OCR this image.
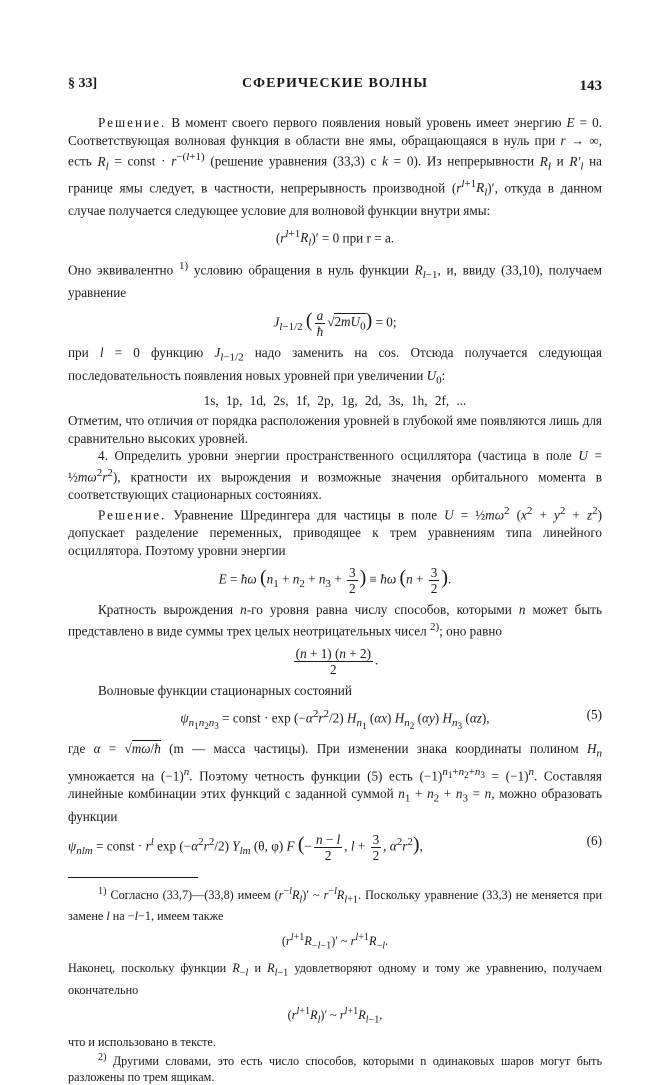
§ 33]	СФЕРИЧЕСКИЕ ВОЛНЫ	143

Решение. В момент своего первого появления новый уровень имеет энергию E = 0. Соответствующая волновая функция в области вне ямы, обращающаяся в нуль при r → ∞, есть $R_l$ = const · $r^{-(l+1)}$ (решение уравнения (33,3) с k = 0). Из непрерывности $R_l$ и $R'_l$ на границе ямы следует, в частности, непрерывность производной $(r^{l+1}R_l)'$, откуда в данном случае получается следующее условие для волновой функции внутри ямы:

$(r^{l+1}R_l)' = 0$ при r = a.

Оно эквивалентно $^{1)}$ условию обращения в нуль функции $R_{l-1}$, и, ввиду (33,10), получаем уравнение

$J_{l-1/2}$ ( $\frac{a}{ħ} √2mU_0) = 0$;

при l = 0 функцию $J_{l-1/2}$ надо заменить на cos. Отсюда получается следующая последовательность появления новых уровней при увеличении $U_0$:

1s, 1p, 1d, 2s, 1f, 2p, 1g, 2d, 3s, 1h, 2f, ...

Отметим, что отличия от порядка расположения уровней в глубокой яме появляются лишь для сравнительно высоких уровней.

4. Определить уровни энергии пространственного осциллятора (частица в поле $U = \frac{1}{2}m\omega^2r^2$), кратности их вырождения и возможные значения орбитального момента в соответствующих стационарных состояниях.

Решение. Уравнение Шредингера для частицы в поле $U = \frac{1}{2}m\omega^2$ $(x^2 + y^2 + z^2)$ допускает разделение переменных, приводящее к трем уравнениям типа линейного осциллятора. Поэтому уровни энергии

E = ħω ($n_1 + n_2 + n_3 + \frac{3}{2}$ ) ≡ ħω ($n + \frac{3}{2}$ ).

Кратность вырождения n-го уровня равна числу способов, которыми n может быть представлено в виде суммы трех целых неотрицательных чисел $^{2)}$; оно равно

$\frac{(n + 1) (n + 2)}{2}$ .

Волновые функции стационарных состояний

$\psi_{n_1n_2n_3}$ = const · $\exp (-\alpha^2r^2/2)$ $H_{n_1}$ (αx) $H_{n_2}$ (αy) $H_{n_3}$ (αz),	(5)

где α = √mω/ħ (m — масса частицы). При изменении знака координаты полином $H_n$ умножается на $(-1)^n$. Поэтому четность функции (5) есть $(-1)^{n_1+n_2+n_3} = (-1)^n$. Составляя линейные комбинации этих функций с заданной суммой $n_1 + n_2 + n_3 = n$, можно образовать функции

$\psi_{nlm}$ = const · $r^l$ $\exp (-\alpha^2r^2/2)$ $Y_{lm}$ (θ, φ) F (− $\frac{n - l}{2}$ , $l + \frac{3}{2}$ , $\alpha^2r^2$),	(6)

$^{1)}$ Согласно (33,7)—(33,8) имеем $(r^{-l}R_l)'$ ~ $r^{-l}R_{l+1}$. Поскольку уравнение (33,3) не меняется при замене l на −l−1, имеем также

$(r^{l+1}R_{-l-1})'$ ~ $r^{l+1}R_{-l}$.

Наконец, поскольку функции $R_{-l}$ и $R_{l-1}$ удовлетворяют одному и тому же уравнению, получаем окончательно

$(r^{l+1}R_l)'$ ~ $r^{l+1}R_{l-1}$,

что и использовано в тексте.

$^{2)}$ Другими словами, это есть число способов, которыми n одинаковых шаров могут быть разложены по трем ящикам.
